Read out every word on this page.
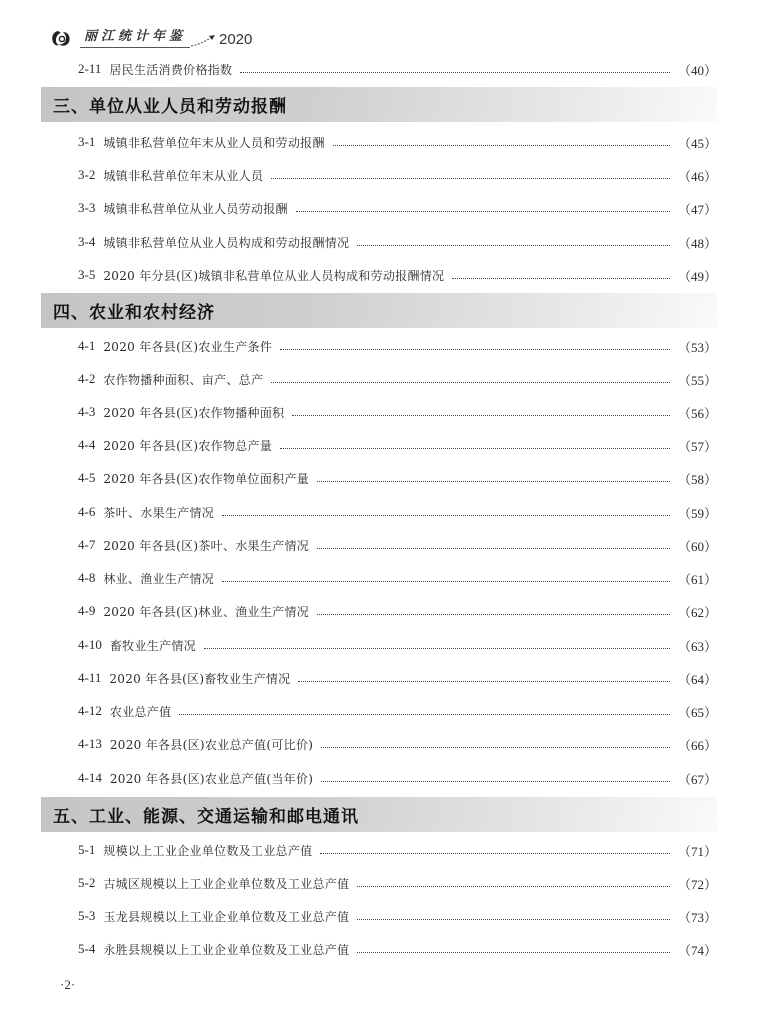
丽江统计年鉴 2020
2-11 居民生活消费价格指数	（40）
三、单位从业人员和劳动报酬
3-1 城镇非私营单位年末从业人员和劳动报酬	（45）
3-2 城镇非私营单位年末从业人员	（46）
3-3 城镇非私营单位从业人员劳动报酬	（47）
3-4 城镇非私营单位从业人员构成和劳动报酬情况	（48）
3-5 2020 年分县(区)城镇非私营单位从业人员构成和劳动报酬情况	（49）
四、农业和农村经济
4-1 2020 年各县(区)农业生产条件	（53）
4-2 农作物播种面积、亩产、总产	（55）
4-3 2020 年各县(区)农作物播种面积	（56）
4-4 2020 年各县(区)农作物总产量	（57）
4-5 2020 年各县(区)农作物单位面积产量	（58）
4-6 茶叶、水果生产情况	（59）
4-7 2020 年各县(区)茶叶、水果生产情况	（60）
4-8 林业、渔业生产情况	（61）
4-9 2020 年各县(区)林业、渔业生产情况	（62）
4-10 畜牧业生产情况	（63）
4-11 2020 年各县(区)畜牧业生产情况	（64）
4-12 农业总产值	（65）
4-13 2020 年各县(区)农业总产值(可比价)	（66）
4-14 2020 年各县(区)农业总产值(当年价)	（67）
五、工业、能源、交通运输和邮电通讯
5-1 规模以上工业企业单位数及工业总产值	（71）
5-2 古城区规模以上工业企业单位数及工业总产值	（72）
5-3 玉龙县规模以上工业企业单位数及工业总产值	（73）
5-4 永胜县规模以上工业企业单位数及工业总产值	（74）
·2·
